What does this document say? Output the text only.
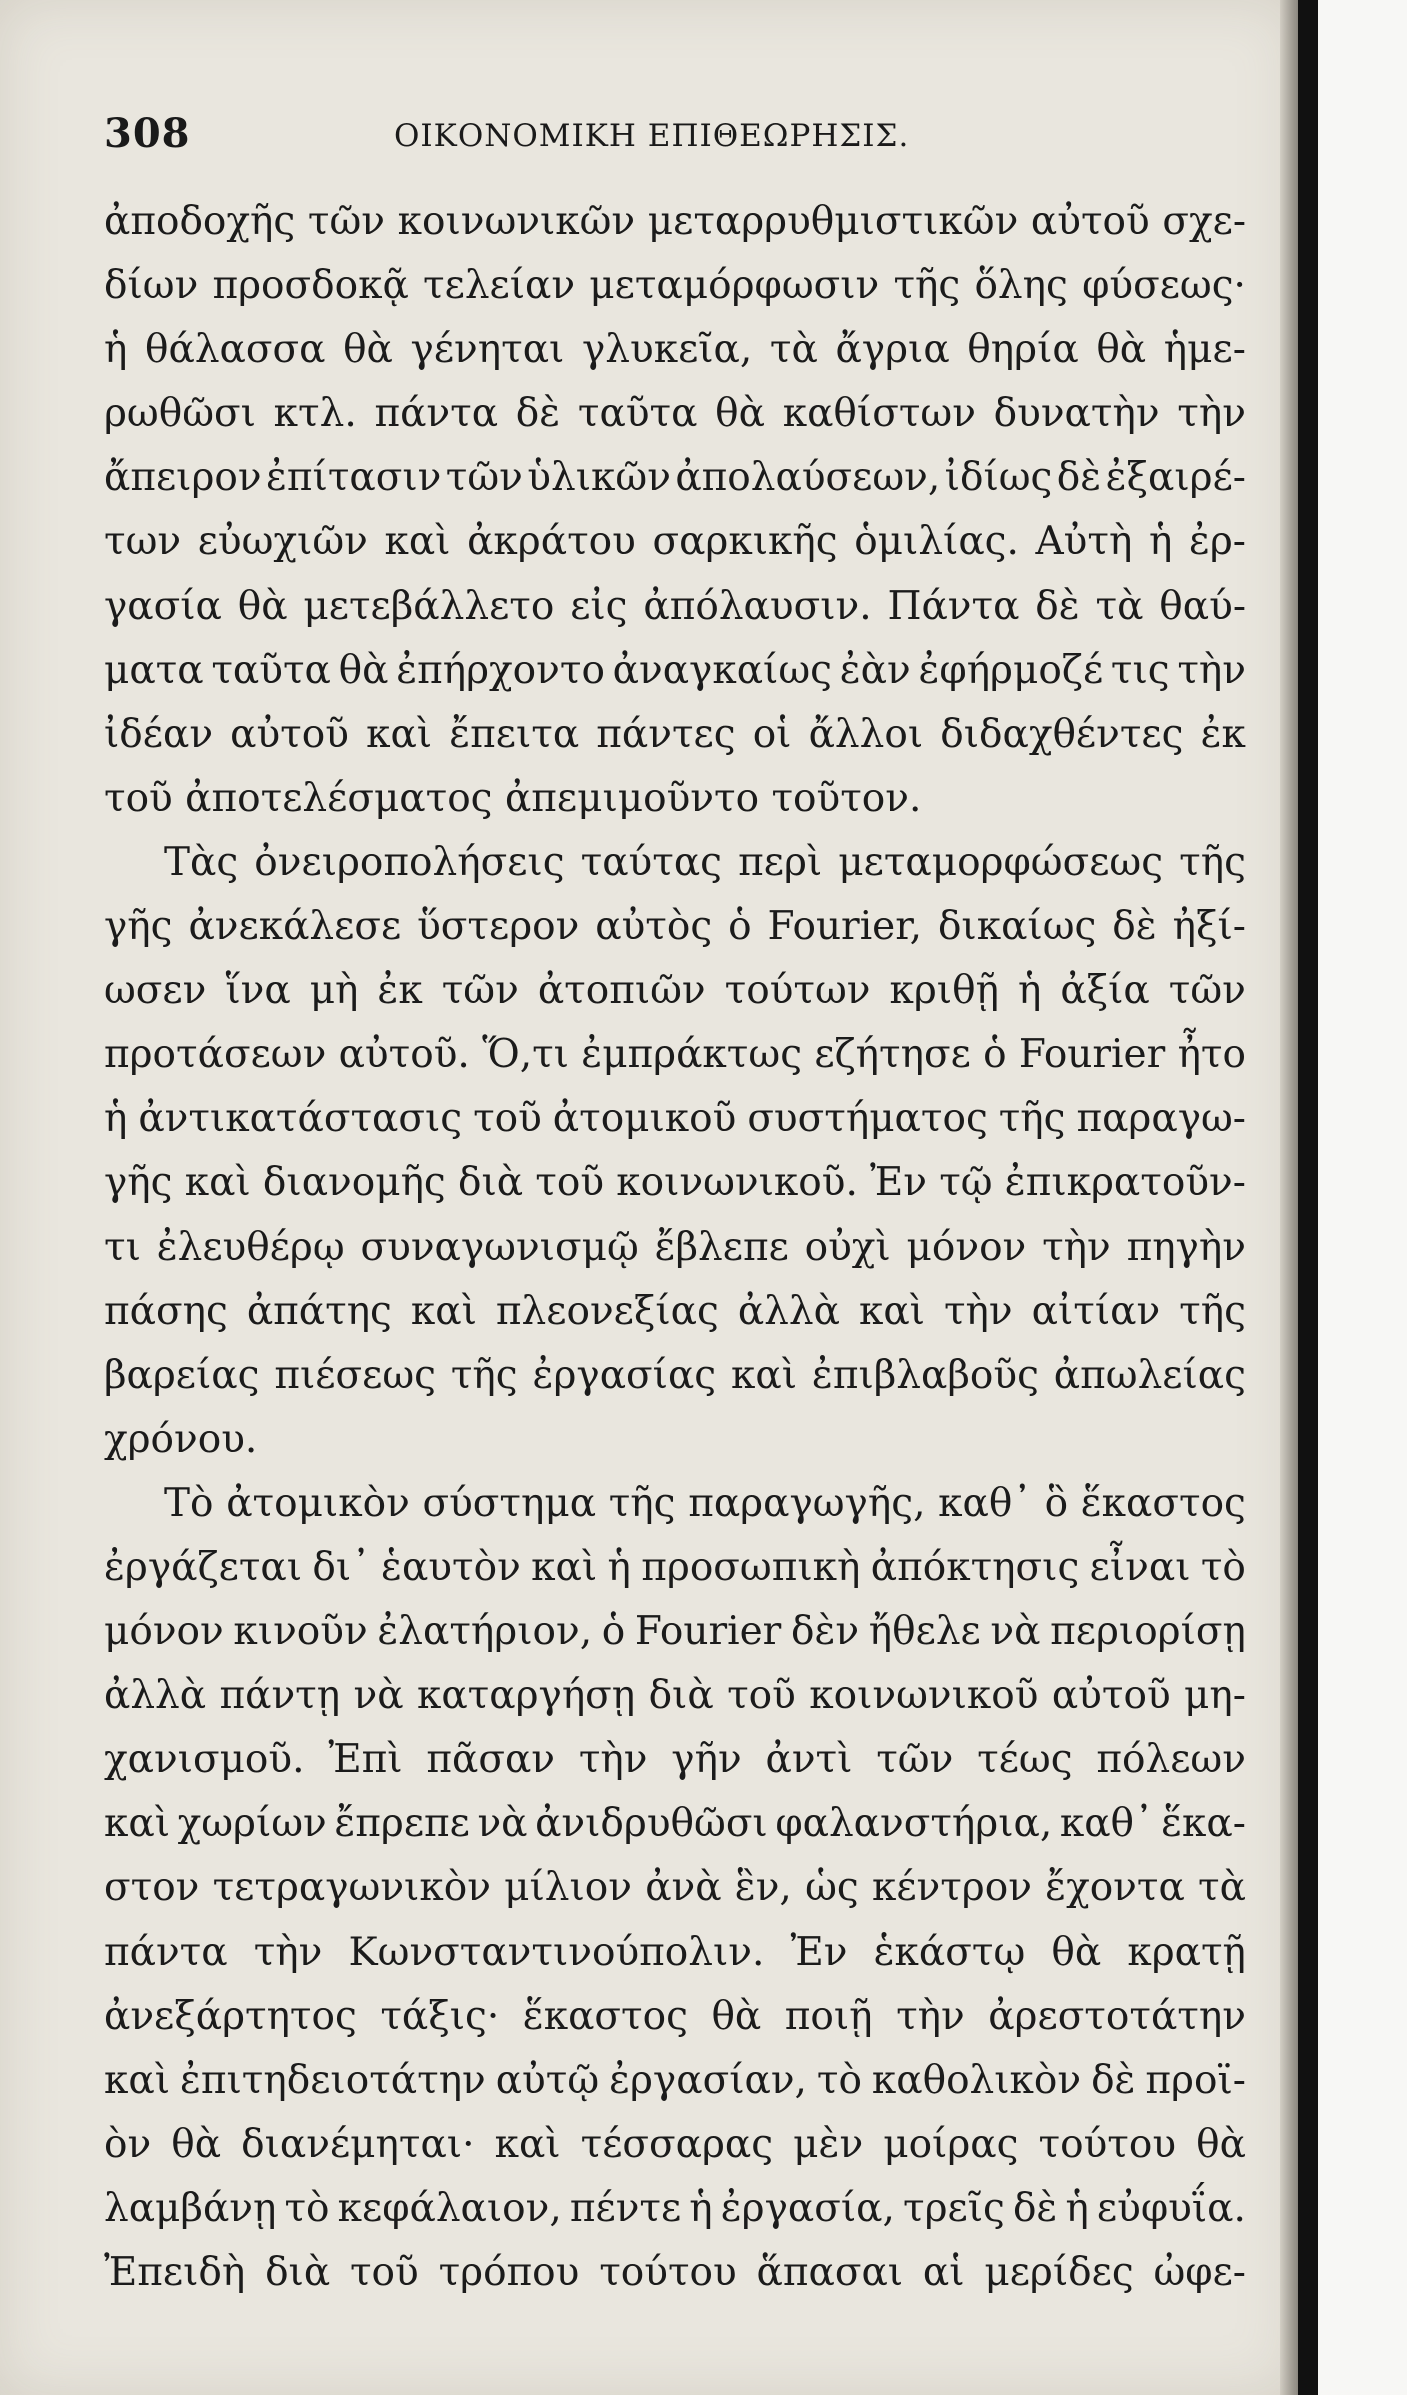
308	ΟΙΚΟΝΟΜΙΚΗ ΕΠΙΘΕΩΡΗΣΙΣ.
ἀποδοχῆς τῶν κοινωνικῶν μεταρρυθμιστικῶν αὐτοῦ σχε-
δίων προσδοκᾷ τελείαν μεταμόρφωσιν τῆς ὅλης φύσεως·
ἡ θάλασσα θὰ γένηται γλυκεῖα, τὰ ἄγρια θηρία θὰ ἡμε-
ρωθῶσι κτλ. πάντα δὲ ταῦτα θὰ καθίστων δυνατὴν τὴν
ἄπειρον ἐπίτασιν τῶν ὑλικῶν ἀπολαύσεων, ἰδίως δὲ ἐξαιρέ-
των εὐωχιῶν καὶ ἀκράτου σαρκικῆς ὁμιλίας. Αὐτὴ ἡ ἐρ-
γασία θὰ μετεβάλλετο εἰς ἀπόλαυσιν. Πάντα δὲ τὰ θαύ-
ματα ταῦτα θὰ ἐπήρχοντο ἀναγκαίως ἐὰν ἐφήρμοζέ τις τὴν
ἰδέαν αὐτοῦ καὶ ἔπειτα πάντες οἱ ἄλλοι διδαχθέντες ἐκ
τοῦ ἀποτελέσματος ἀπεμιμοῦντο τοῦτον.
Τὰς ὀνειροπολήσεις ταύτας περὶ μεταμορφώσεως τῆς
γῆς ἀνεκάλεσε ὕστερον αὐτὸς ὁ Fourier, δικαίως δὲ ἠξί-
ωσεν ἵνα μὴ ἐκ τῶν ἀτοπιῶν τούτων κριθῇ ἡ ἀξία τῶν
προτάσεων αὐτοῦ. Ὅ,τι ἐμπράκτως εζήτησε ὁ Fourier ἦτο
ἡ ἀντικατάστασις τοῦ ἀτομικοῦ συστήματος τῆς παραγω-
γῆς καὶ διανομῆς διὰ τοῦ κοινωνικοῦ. Ἐν τῷ ἐπικρατοῦν-
τι ἐλευθέρῳ συναγωνισμῷ ἔβλεπε οὐχὶ μόνον τὴν πηγὴν
πάσης ἀπάτης καὶ πλεονεξίας ἀλλὰ καὶ τὴν αἰτίαν τῆς
βαρείας πιέσεως τῆς ἐργασίας καὶ ἐπιβλαβοῦς ἀπωλείας
χρόνου.
Τὸ ἀτομικὸν σύστημα τῆς παραγωγῆς, καθ᾽ ὃ ἕκαστος
ἐργάζεται δι᾽ ἑαυτὸν καὶ ἡ προσωπικὴ ἀπόκτησις εἶναι τὸ
μόνον κινοῦν ἐλατήριον, ὁ Fourier δὲν ἤθελε νὰ περιορίσῃ
ἀλλὰ πάντῃ νὰ καταργήσῃ διὰ τοῦ κοινωνικοῦ αὐτοῦ μη-
χανισμοῦ. Ἐπὶ πᾶσαν τὴν γῆν ἀντὶ τῶν τέως πόλεων
καὶ χωρίων ἔπρεπε νὰ ἀνιδρυθῶσι φαλανστήρια, καθ᾽ ἕκα-
στον τετραγωνικὸν μίλιον ἀνὰ ἓν, ὡς κέντρον ἔχοντα τὰ
πάντα τὴν Κωνσταντινούπολιν. Ἐν ἑκάστῳ θὰ κρατῇ
ἀνεξάρτητος τάξις· ἕκαστος θὰ ποιῇ τὴν ἀρεστοτάτην
καὶ ἐπιτηδειοτάτην αὐτῷ ἐργασίαν, τὸ καθολικὸν δὲ προϊ-
ὸν θὰ διανέμηται· καὶ τέσσαρας μὲν μοίρας τούτου θὰ
λαμβάνῃ τὸ κεφάλαιον, πέντε ἡ ἐργασία, τρεῖς δὲ ἡ εὐφυΐα.
Ἐπειδὴ διὰ τοῦ τρόπου τούτου ἅπασαι αἱ μερίδες ὠφε-
